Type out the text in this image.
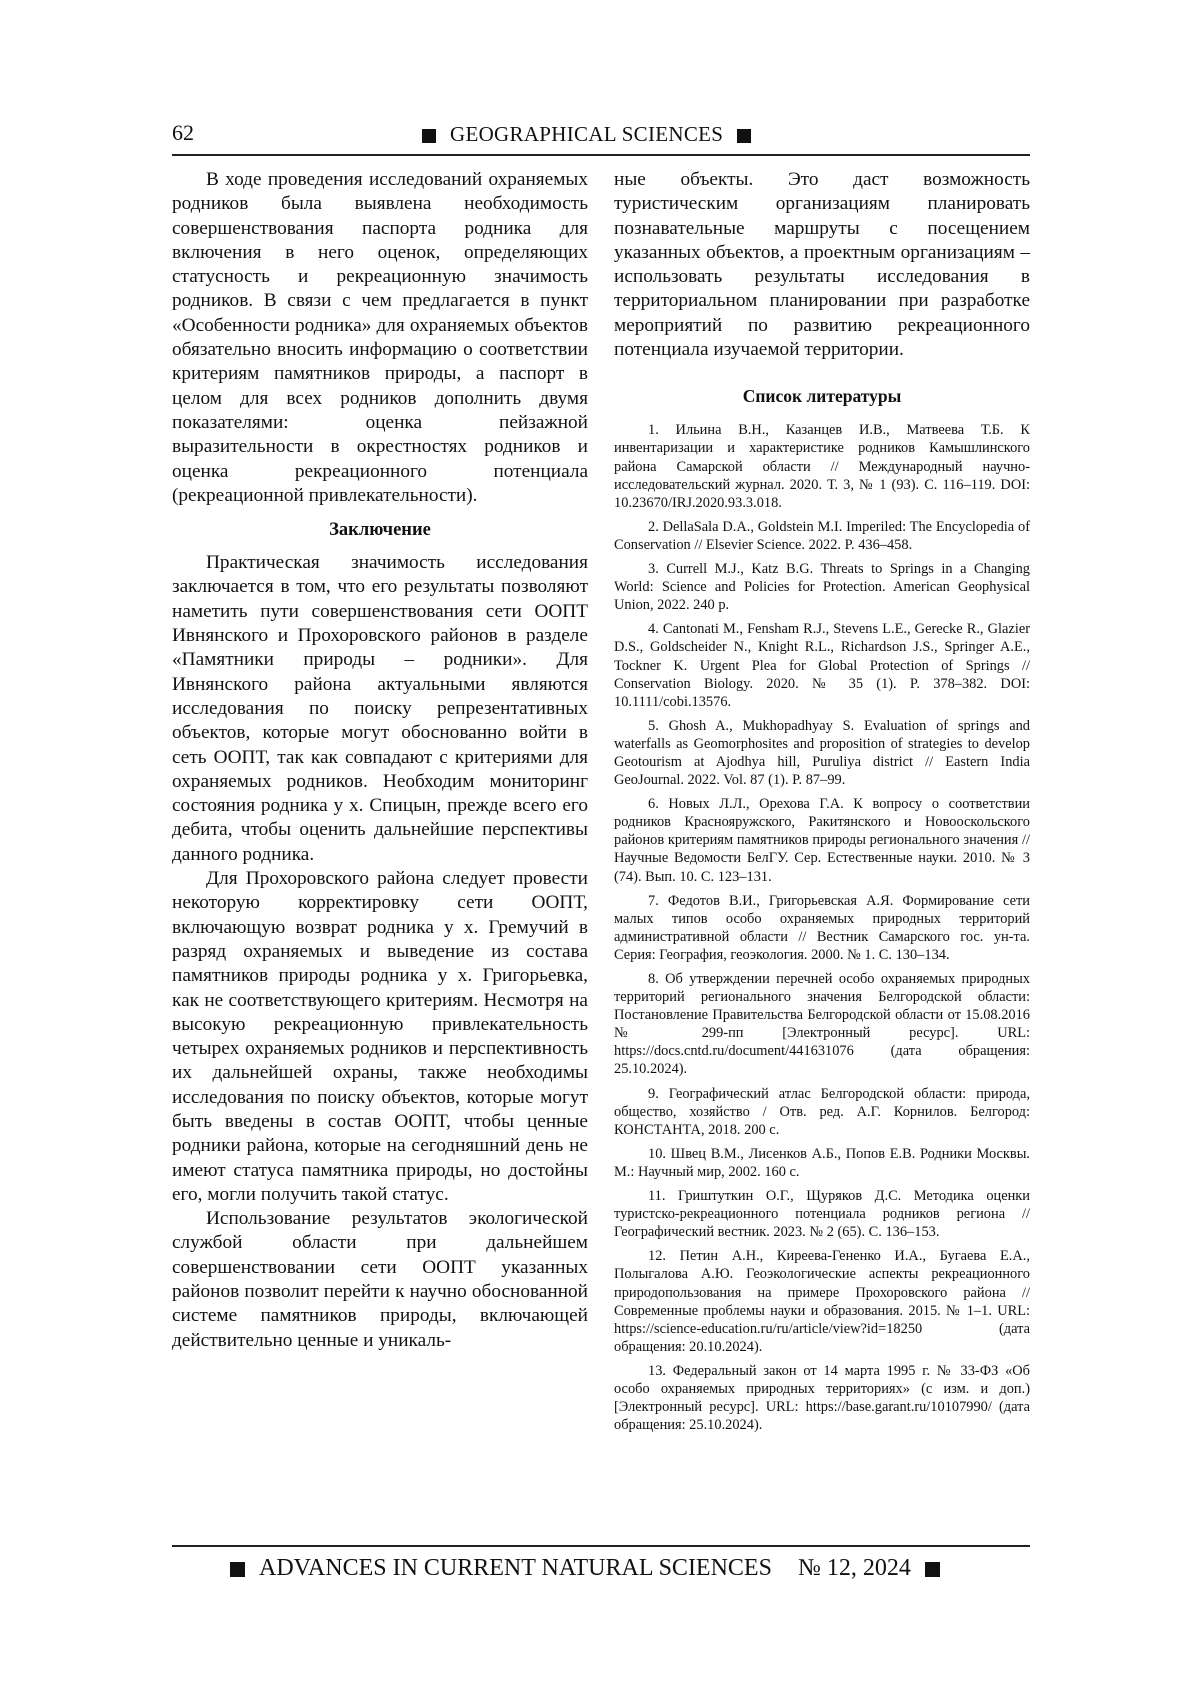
62	GEOGRAPHICAL SCIENCES

В ходе проведения исследований охраняемых родников была выявлена необходимость совершенствования паспорта родника для включения в него оценок, определяющих статусность и рекреационную значимость родников. В связи с чем предлагается в пункт «Особенности родника» для охраняемых объектов обязательно вносить информацию о соответствии критериям памятников природы, а паспорт в целом для всех родников дополнить двумя показателями: оценка пейзажной выразительности в окрестностях родников и оценка рекреационного потенциала (рекреационной привлекательности).

Заключение

Практическая значимость исследования заключается в том, что его результаты позволяют наметить пути совершенствования сети ООПТ Ивнянского и Прохоровского районов в разделе «Памятники природы – родники». Для Ивнянского района актуальными являются исследования по поиску репрезентативных объектов, которые могут обоснованно войти в сеть ООПТ, так как совпадают с критериями для охраняемых родников. Необходим мониторинг состояния родника у х. Спицын, прежде всего его дебита, чтобы оценить дальнейшие перспективы данного родника.

Для Прохоровского района следует провести некоторую корректировку сети ООПТ, включающую возврат родника у х. Гремучий в разряд охраняемых и выведение из состава памятников природы родника у х. Григорьевка, как не соответствующего критериям. Несмотря на высокую рекреационную привлекательность четырех охраняемых родников и перспективность их дальнейшей охраны, также необходимы исследования по поиску объектов, которые могут быть введены в состав ООПТ, чтобы ценные родники района, которые на сегодняшний день не имеют статуса памятника природы, но достойны его, могли получить такой статус.

Использование результатов экологической службой области при дальнейшем совершенствовании сети ООПТ указанных районов позволит перейти к научно обоснованной системе памятников природы, включающей действительно ценные и уникаль-

ные объекты. Это даст возможность туристическим организациям планировать познавательные маршруты с посещением указанных объектов, а проектным организациям – использовать результаты исследования в территориальном планировании при разработке мероприятий по развитию рекреационного потенциала изучаемой территории.

Список литературы
1. Ильина В.Н., Казанцев И.В., Матвеева Т.Б. К инвентаризации и характеристике родников Камышлинского района Самарской области // Международный научно-исследовательский журнал. 2020. Т. 3, № 1 (93). С. 116–119. DOI: 10.23670/IRJ.2020.93.3.018.
2. DellaSala D.A., Goldstein M.I. Imperiled: The Encyclopedia of Conservation // Elsevier Science. 2022. P. 436–458.
3. Currell M.J., Katz B.G. Threats to Springs in a Changing World: Science and Policies for Protection. American Geophysical Union, 2022. 240 p.
4. Cantonati M., Fensham R.J., Stevens L.E., Gerecke R., Glazier D.S., Goldscheider N., Knight R.L., Richardson J.S., Springer A.E., Tockner K. Urgent Plea for Global Protection of Springs // Conservation Biology. 2020. № 35 (1). P. 378–382. DOI: 10.1111/cobi.13576.
5. Ghosh A., Mukhopadhyay S. Evaluation of springs and waterfalls as Geomorphosites and proposition of strategies to develop Geotourism at Ajodhya hill, Puruliya district // Eastern India GeoJournal. 2022. Vol. 87 (1). P. 87–99.
6. Новых Л.Л., Орехова Г.А. К вопросу о соответствии родников Краснояружского, Ракитянского и Новооскольского районов критериям памятников природы регионального значения // Научные Ведомости БелГУ. Сер. Естественные науки. 2010. № 3 (74). Вып. 10. С. 123–131.
7. Федотов В.И., Григорьевская А.Я. Формирование сети малых типов особо охраняемых природных территорий административной области // Вестник Самарского гос. ун-та. Серия: География, геоэкология. 2000. № 1. С. 130–134.
8. Об утверждении перечней особо охраняемых природных территорий регионального значения Белгородской области: Постановление Правительства Белгородской области от 15.08.2016 № 299-пп [Электронный ресурс]. URL: https://docs.cntd.ru/document/441631076 (дата обращения: 25.10.2024).
9. Географический атлас Белгородской области: природа, общество, хозяйство / Отв. ред. А.Г. Корнилов. Белгород: КОНСТАНТА, 2018. 200 с.
10. Швец В.М., Лисенков А.Б., Попов Е.В. Родники Москвы. М.: Научный мир, 2002. 160 с.
11. Гриштуткин О.Г., Щуряков Д.С. Методика оценки туристско-рекреационного потенциала родников региона // Географический вестник. 2023. № 2 (65). С. 136–153.
12. Петин А.Н., Киреева-Гененко И.А., Бугаева Е.А., Полыгалова А.Ю. Геоэкологические аспекты рекреационного природопользования на примере Прохоровского района // Современные проблемы науки и образования. 2015. № 1–1. URL: https://science-education.ru/ru/article/view?id=18250 (дата обращения: 20.10.2024).
13. Федеральный закон от 14 марта 1995 г. № 33-ФЗ «Об особо охраняемых природных территориях» (с изм. и доп.) [Электронный ресурс]. URL: https://base.garant.ru/10107990/ (дата обращения: 25.10.2024).
ADVANCES IN CURRENT NATURAL SCIENCES № 12, 2024
